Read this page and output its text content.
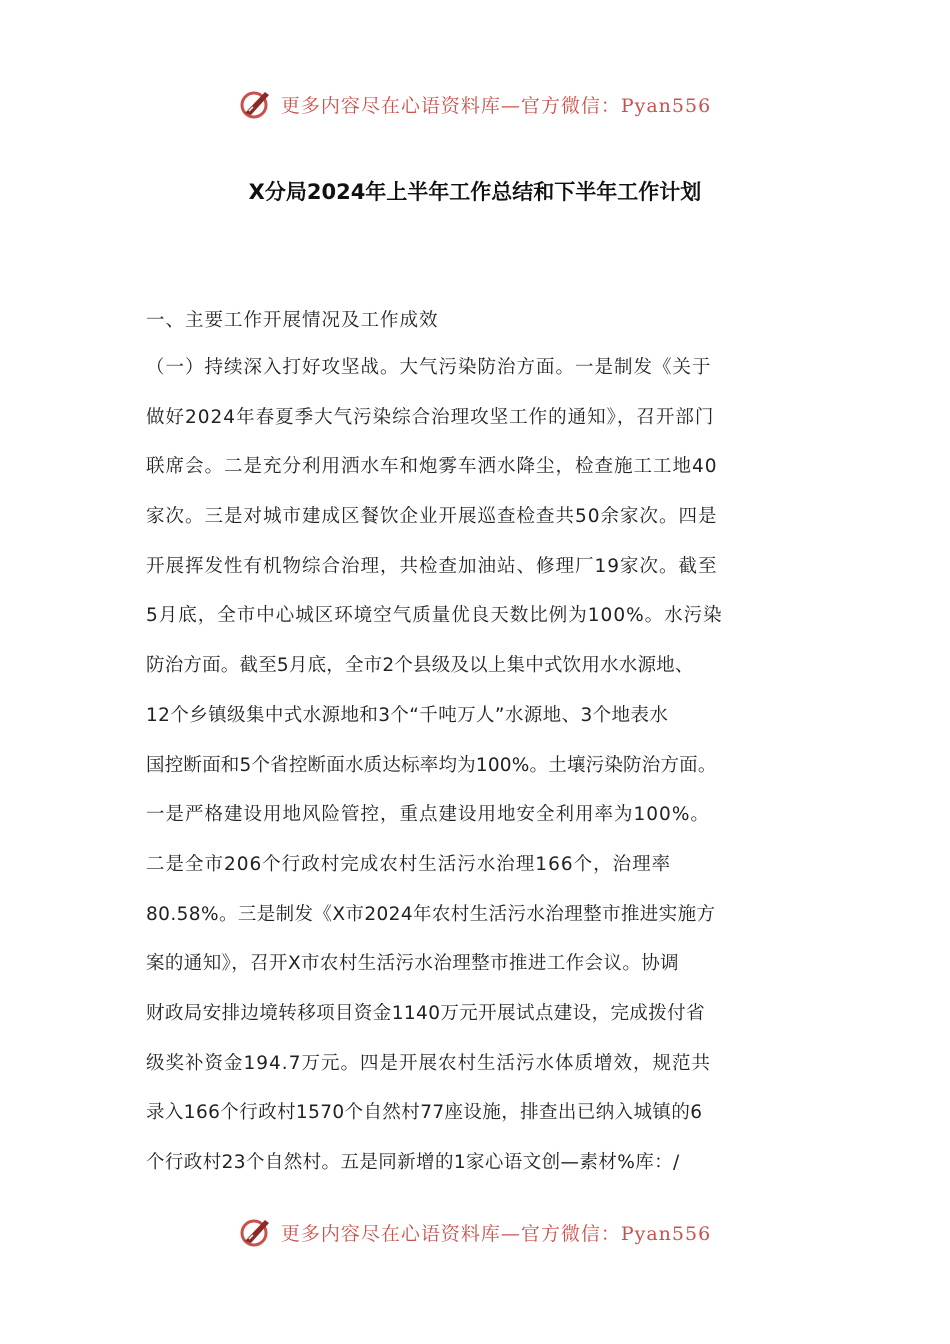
更多内容尽在心语资料库—官方微信：Pyan556
X分局2024年上半年工作总结和下半年工作计划
一、主要工作开展情况及工作成效
（一）持续深入打好攻坚战。大气污染防治方面。一是制发《关于
做好2024年春夏季大气污染综合治理攻坚工作的通知》，召开部门
联席会。二是充分利用洒水车和炮雾车洒水降尘，检查施工工地40
家次。三是对城市建成区餐饮企业开展巡查检查共50余家次。四是
开展挥发性有机物综合治理，共检查加油站、修理厂19家次。截至
5月底，全市中心城区环境空气质量优良天数比例为100%。水污染
防治方面。截至5月底，全市2个县级及以上集中式饮用水水源地、
12个乡镇级集中式水源地和3个“千吨万人”水源地、3个地表水
国控断面和5个省控断面水质达标率均为100%。土壤污染防治方面。
一是严格建设用地风险管控，重点建设用地安全利用率为100%。
二是全市206个行政村完成农村生活污水治理166个，治理率
80.58%。三是制发《X市2024年农村生活污水治理整市推进实施方
案的通知》，召开X市农村生活污水治理整市推进工作会议。协调
财政局安排边境转移项目资金1140万元开展试点建设，完成拨付省
级奖补资金194.7万元。四是开展农村生活污水体质增效，规范共
录入166个行政村1570个自然村77座设施，排查出已纳入城镇的6
个行政村23个自然村。五是同新增的1家心语文创—素材%库：/
更多内容尽在心语资料库—官方微信：Pyan556
